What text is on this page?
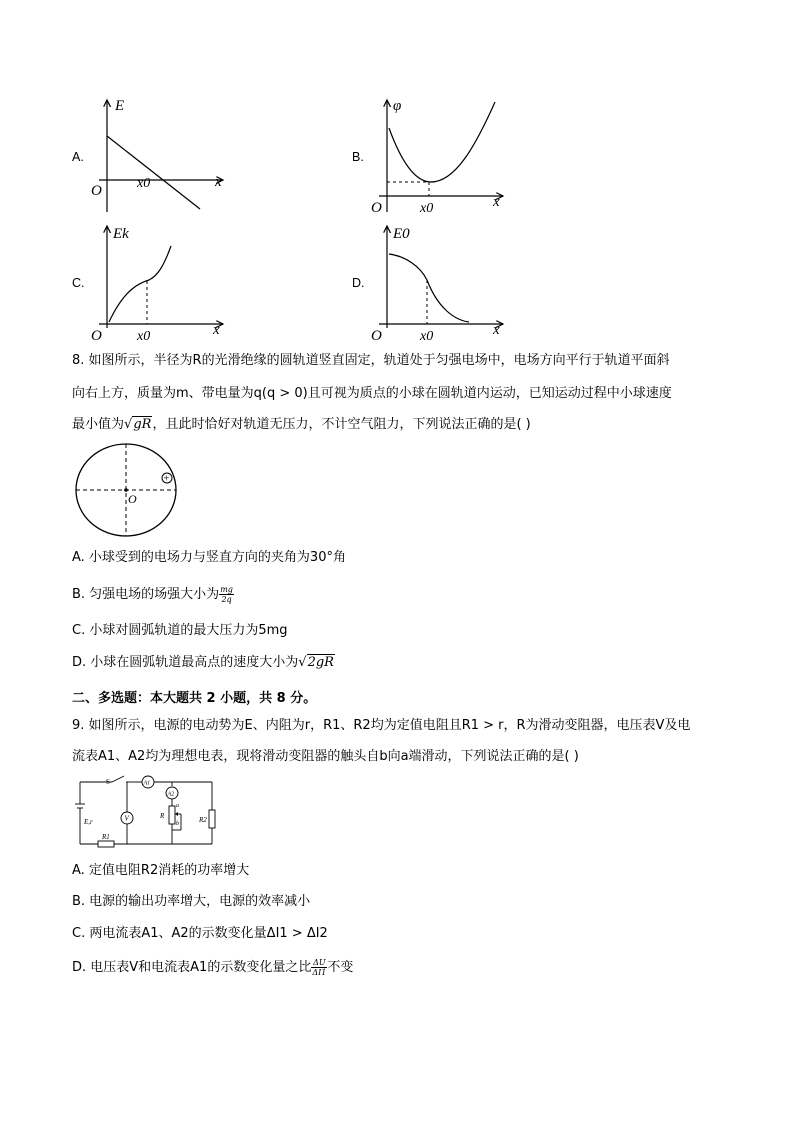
A.
E
O	x0	x
B.
φ
O	x0	x
C.
Ek
O	x0	x
D.
E0
O	x0	x
8. 如图所示，半径为R的光滑绝缘的圆轨道竖直固定，轨道处于匀强电场中，电场方向平行于轨道平面斜
向右上方，质量为m、带电量为q(q > 0)且可视为质点的小球在圆轨道内运动，已知运动过程中小球速度
最小值为√gR，且此时恰好对轨道无压力，不计空气阻力，下列说法正确的是( )
O
+
A. 小球受到的电场力与竖直方向的夹角为30°角
B. 匀强电场的场强大小为 $\frac{mg}{2q}$
C. 小球对圆弧轨道的最大压力为5mg
D. 小球在圆弧轨道最高点的速度大小为√2gR
二、多选题：本大题共 2 小题，共 8 分。
9. 如图所示，电源的电动势为E、内阻为r，R1、R2均为定值电阻且R1 > r，R为滑动变阻器，电压表V及电
流表A1、A2均为理想电表，现将滑动变阻器的触头自b向a端滑动，下列说法正确的是( )
S
E,r
R1
R2
R
a
b
A1
A2
V
A. 定值电阻R2消耗的功率增大
B. 电源的输出功率增大，电源的效率减小
C. 两电流表A1、A2的示数变化量ΔI1 > ΔI2
D. 电压表V和电流表A1的示数变化量之比 $\frac{\Delta U}{\Delta I1}$ 不变
